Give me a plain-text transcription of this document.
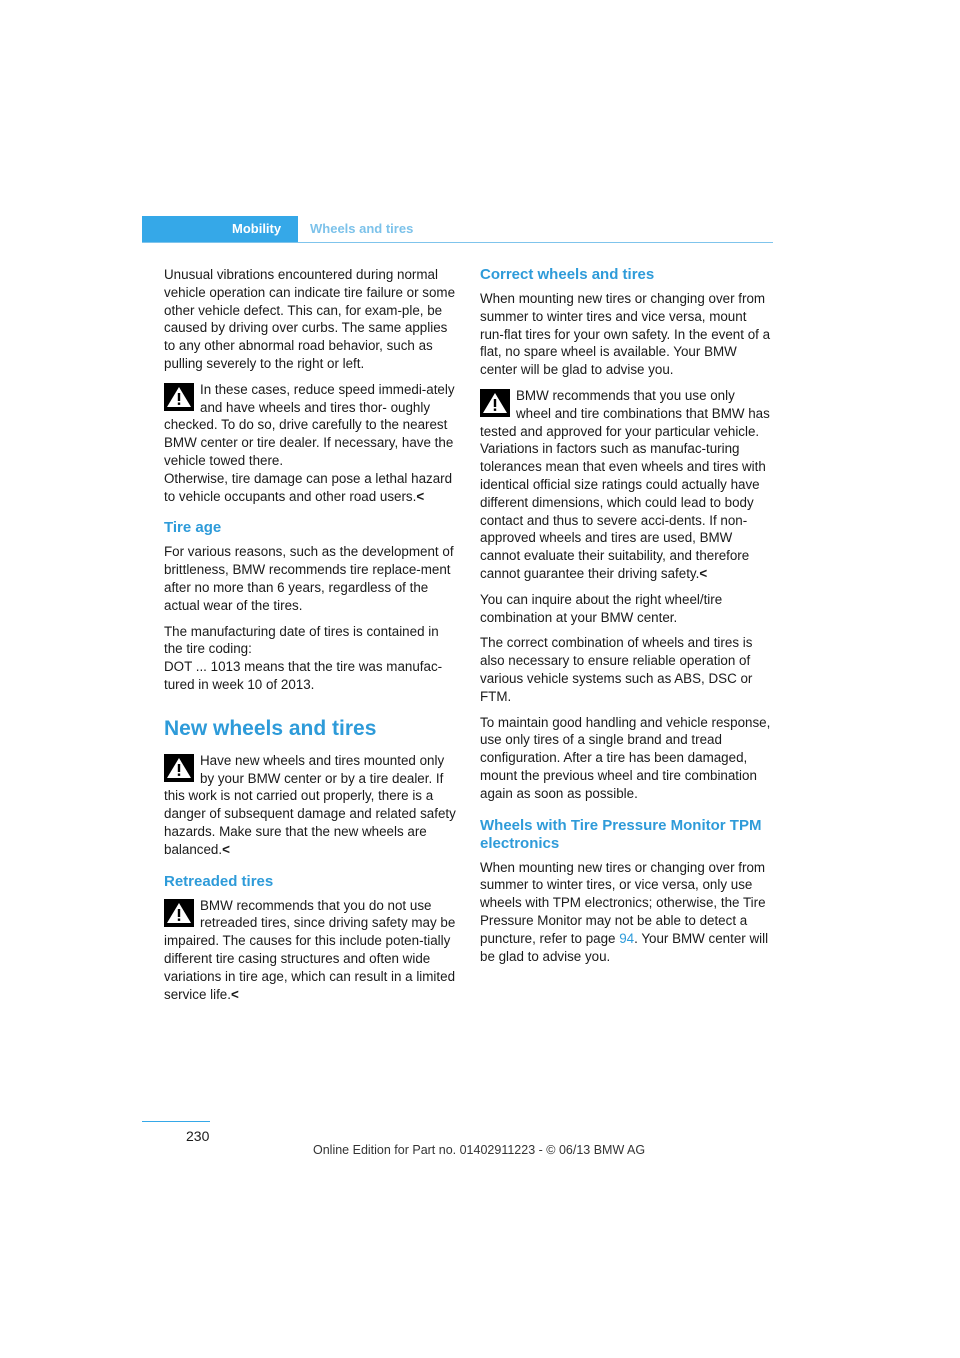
Mobility	Wheels and tires

Unusual vibrations encountered during normal vehicle operation can indicate tire failure or some other vehicle defect. This can, for exam-ple, be caused by driving over curbs. The same applies to any other abnormal road behavior, such as pulling severely to the right or left.

In these cases, reduce speed immedi-ately and have wheels and tires thor- oughly checked. To do so, drive carefully to the nearest BMW center or tire dealer. If necessary, have the vehicle towed there.
Otherwise, tire damage can pose a lethal hazard to vehicle occupants and other road users.<
Tire age

For various reasons, such as the development of brittleness, BMW recommends tire replace-ment after no more than 6 years, regardless of the actual wear of the tires.

The manufacturing date of tires is contained in the tire coding:

DOT ... 1013 means that the tire was manufac-tured in week 10 of 2013.

New wheels and tires
Have new wheels and tires mounted only by your BMW center or by a tire dealer. If this work is not carried out properly, there is a danger of subsequent damage and related safety hazards. Make sure that the new wheels are balanced.<
Retreaded tires
BMW recommends that you do not use retreaded tires, since driving safety may be impaired. The causes for this include poten-tially different tire casing structures and often wide variations in tire age, which can result in a limited service life.<
Correct wheels and tires

When mounting new tires or changing over from summer to winter tires and vice versa, mount run-flat tires for your own safety. In the event of a flat, no spare wheel is available. Your BMW center will be glad to advise you.

BMW recommends that you use only wheel and tire combinations that BMW has tested and approved for your particular vehicle. Variations in factors such as manufac-turing tolerances mean that even wheels and tires with identical official size ratings could actually have different dimensions, which could lead to body contact and thus to severe acci-dents. If non-approved wheels and tires are used, BMW cannot evaluate their suitability, and therefore cannot guarantee their driving safety.<

You can inquire about the right wheel/tire combination at your BMW center.

The correct combination of wheels and tires is also necessary to ensure reliable operation of various vehicle systems such as ABS, DSC or FTM.

To maintain good handling and vehicle response, use only tires of a single brand and tread configuration. After a tire has been damaged, mount the previous wheel and tire combination again as soon as possible.

Wheels with Tire Pressure Monitor TPM electronics

When mounting new tires or changing over from summer to winter tires, or vice versa, only use wheels with TPM electronics; otherwise, the Tire Pressure Monitor may not be able to detect a puncture, refer to page 94. Your BMW center will be glad to advise you.

230
Online Edition for Part no. 01402911223 - © 06/13 BMW AG
